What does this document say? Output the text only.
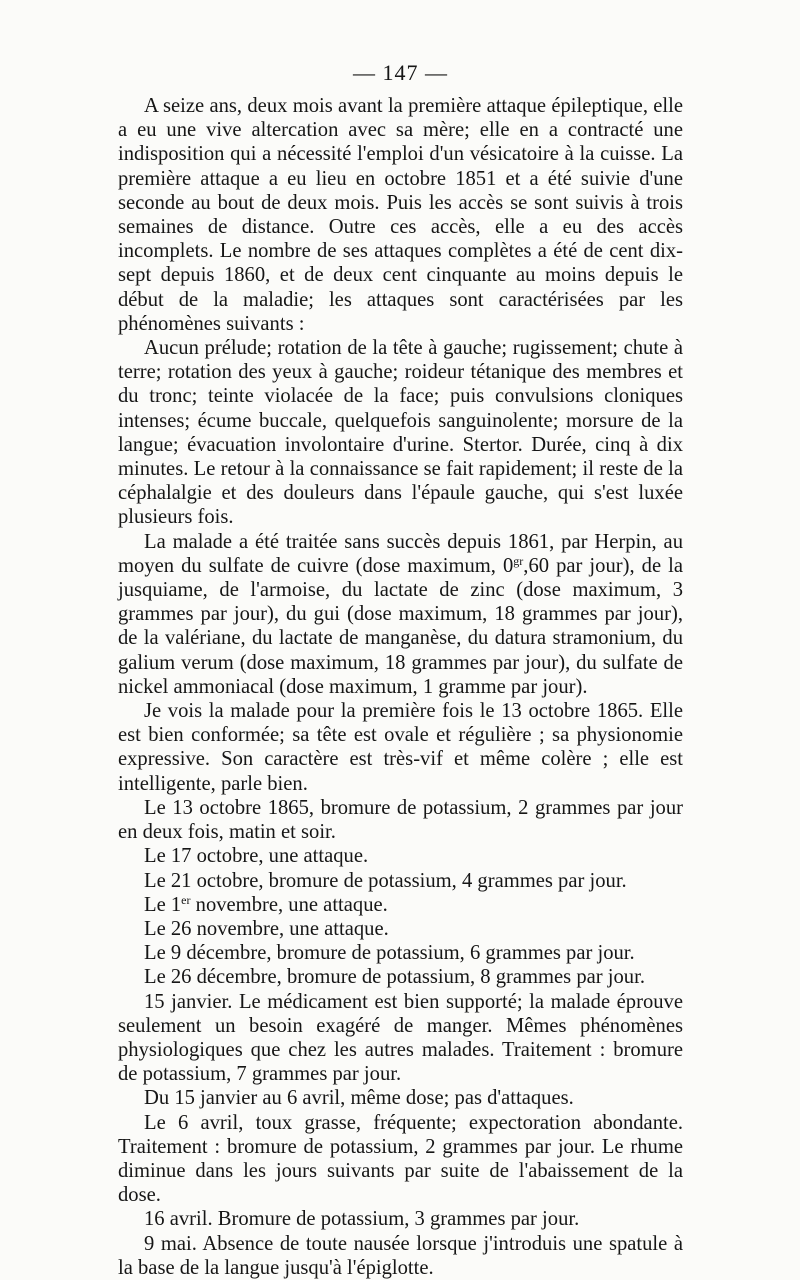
— 147 —

A seize ans, deux mois avant la première attaque épileptique, elle a eu une vive altercation avec sa mère; elle en a contracté une indisposition qui a nécessité l'emploi d'un vésicatoire à la cuisse. La première attaque a eu lieu en octobre 1851 et a été suivie d'une seconde au bout de deux mois. Puis les accès se sont suivis à trois semaines de distance. Outre ces accès, elle a eu des accès incomplets. Le nombre de ses attaques complètes a été de cent dix-sept depuis 1860, et de deux cent cinquante au moins depuis le début de la maladie; les attaques sont caractérisées par les phénomènes suivants :

Aucun prélude; rotation de la tête à gauche; rugissement; chute à terre; rotation des yeux à gauche; roideur tétanique des membres et du tronc; teinte violacée de la face; puis convulsions cloniques intenses; écume buccale, quelquefois sanguinolente; morsure de la langue; évacuation involontaire d'urine. Stertor. Durée, cinq à dix minutes. Le retour à la connaissance se fait rapidement; il reste de la céphalalgie et des douleurs dans l'épaule gauche, qui s'est luxée plusieurs fois.

La malade a été traitée sans succès depuis 1861, par Herpin, au moyen du sulfate de cuivre (dose maximum, $0^{gr},60$ par jour), de la jusquiame, de l'armoise, du lactate de zinc (dose maximum, 3 grammes par jour), du gui (dose maximum, 18 grammes par jour), de la valériane, du lactate de manganèse, du datura stramonium, du galium verum (dose maximum, 18 grammes par jour), du sulfate de nickel ammoniacal (dose maximum, 1 gramme par jour).

Je vois la malade pour la première fois le 13 octobre 1865. Elle est bien conformée; sa tête est ovale et régulière ; sa physionomie expressive. Son caractère est très-vif et même colère ; elle est intelligente, parle bien.

Le 13 octobre 1865, bromure de potassium, 2 grammes par jour en deux fois, matin et soir.

Le 17 octobre, une attaque.

Le 21 octobre, bromure de potassium, 4 grammes par jour.

Le 1er novembre, une attaque.

Le 26 novembre, une attaque.

Le 9 décembre, bromure de potassium, 6 grammes par jour.

Le 26 décembre, bromure de potassium, 8 grammes par jour.

15 janvier. Le médicament est bien supporté; la malade éprouve seulement un besoin exagéré de manger. Mêmes phénomènes physiologiques que chez les autres malades. Traitement : bromure de potassium, 7 grammes par jour.

Du 15 janvier au 6 avril, même dose; pas d'attaques.

Le 6 avril, toux grasse, fréquente; expectoration abondante. Traitement : bromure de potassium, 2 grammes par jour. Le rhume diminue dans les jours suivants par suite de l'abaissement de la dose.

16 avril. Bromure de potassium, 3 grammes par jour.

9 mai. Absence de toute nausée lorsque j'introduis une spatule à la base de la langue jusqu'à l'épiglotte.
